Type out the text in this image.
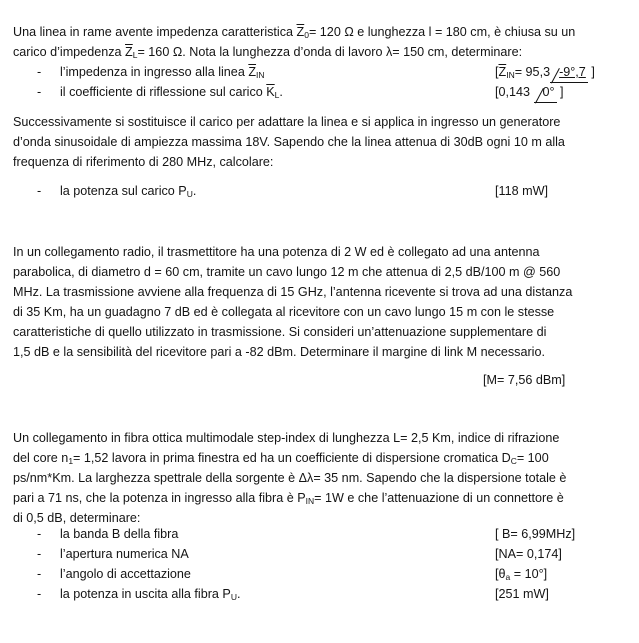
Una linea in rame avente impedenza caratteristica $\overline{Z}_0= 120$ Ω e lunghezza l = 180 cm, è chiusa su un
carico d’impedenza $\overline{Z}_L= 160$ Ω. Nota la lunghezza d’onda di lavoro λ= 150 cm, determinare:
- l’impedenza in ingresso alla linea $\overline{Z}_{IN}$	[$\overline{Z}_{IN}= 95,3$ -9°,7 ]
- il coefficiente di riflessione sul carico $\overline{K}_L$.	[0,143 0° ]
Successivamente si sostituisce il carico per adattare la linea e si applica in ingresso un generatore
d’onda sinusoidale di ampiezza massima 18V. Sapendo che la linea attenua di 30dB ogni 10 m alla
frequenza di riferimento di 280 MHz, calcolare:
- la potenza sul carico $P_U$.	[118 mW]
In un collegamento radio, il trasmettitore ha una potenza di 2 W ed è collegato ad una antenna
parabolica, di diametro d = 60 cm, tramite un cavo lungo 12 m che attenua di 2,5 dB/100 m @ 560
MHz. La trasmissione avviene alla frequenza di 15 GHz, l’antenna ricevente si trova ad una distanza
di 35 Km, ha un guadagno 7 dB ed è collegata al ricevitore con un cavo lungo 15 m con le stesse
caratteristiche di quello utilizzato in trasmissione. Si consideri un’attenuazione supplementare di
1,5 dB e la sensibilità del ricevitore pari a -82 dBm. Determinare il margine di link M necessario.
[M= 7,56 dBm]
Un collegamento in fibra ottica multimodale step-index di lunghezza L= 2,5 Km, indice di rifrazione
del core $n_1= 1,52$ lavora in prima finestra ed ha un coefficiente di dispersione cromatica $D_C= 100$
ps/nm*Km. La larghezza spettrale della sorgente è Δλ= 35 nm. Sapendo che la dispersione totale è
pari a 71 ns, che la potenza in ingresso alla fibra è $P_{IN}= 1W$ e che l’attenuazione di un connettore è
di 0,5 dB, determinare:
- la banda B della fibra	[ B= 6,99MHz]
- l’apertura numerica NA	[NA= 0,174]
- l’angolo di accettazione	$[\theta_a = 10^\circ]$
- la potenza in uscita alla fibra $P_U$.	[251 mW]
